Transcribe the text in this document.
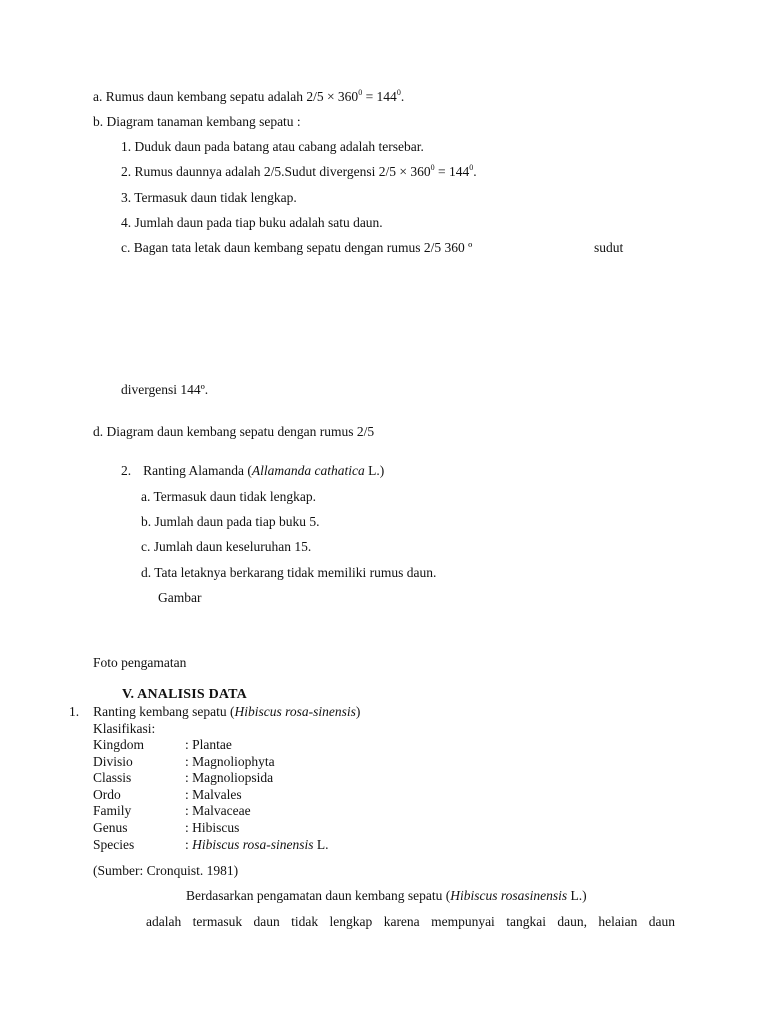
a. Rumus daun kembang sepatu adalah $2/5 \times 360^0 = 144^0$.
b. Diagram tanaman kembang sepatu :
1. Duduk daun pada batang atau cabang adalah tersebar.
2. Rumus daunnya adalah 2/5.Sudut divergensi $2/5 \times 360^0 = 144^0$.
3. Termasuk daun tidak lengkap.
4. Jumlah daun pada tiap buku adalah satu daun.
c. Bagan tata letak daun kembang sepatu dengan rumus 2/5 360 º	sudut
divergensi 144º.
d. Diagram daun kembang sepatu dengan rumus 2/5
2. Ranting Alamanda (Allamanda cathatica L.)
a. Termasuk daun tidak lengkap.
b. Jumlah daun pada tiap buku 5.
c. Jumlah daun keseluruhan 15.
d. Tata letaknya berkarang tidak memiliki rumus daun.
Gambar
Foto pengamatan
V. ANALISIS DATA
1. Ranting kembang sepatu (Hibiscus rosa-sinensis)
Klasifikasi:
Kingdom	: Plantae
Divisio	: Magnoliophyta
Classis	: Magnoliopsida
Ordo	: Malvales
Family	: Malvaceae
Genus	: Hibiscus
Species	: Hibiscus rosa-sinensis L.
(Sumber: Cronquist. 1981)
Berdasarkan pengamatan daun kembang sepatu (Hibiscus rosasinensis L.)
adalah termasuk daun tidak lengkap karena mempunyai tangkai daun, helaian daun
